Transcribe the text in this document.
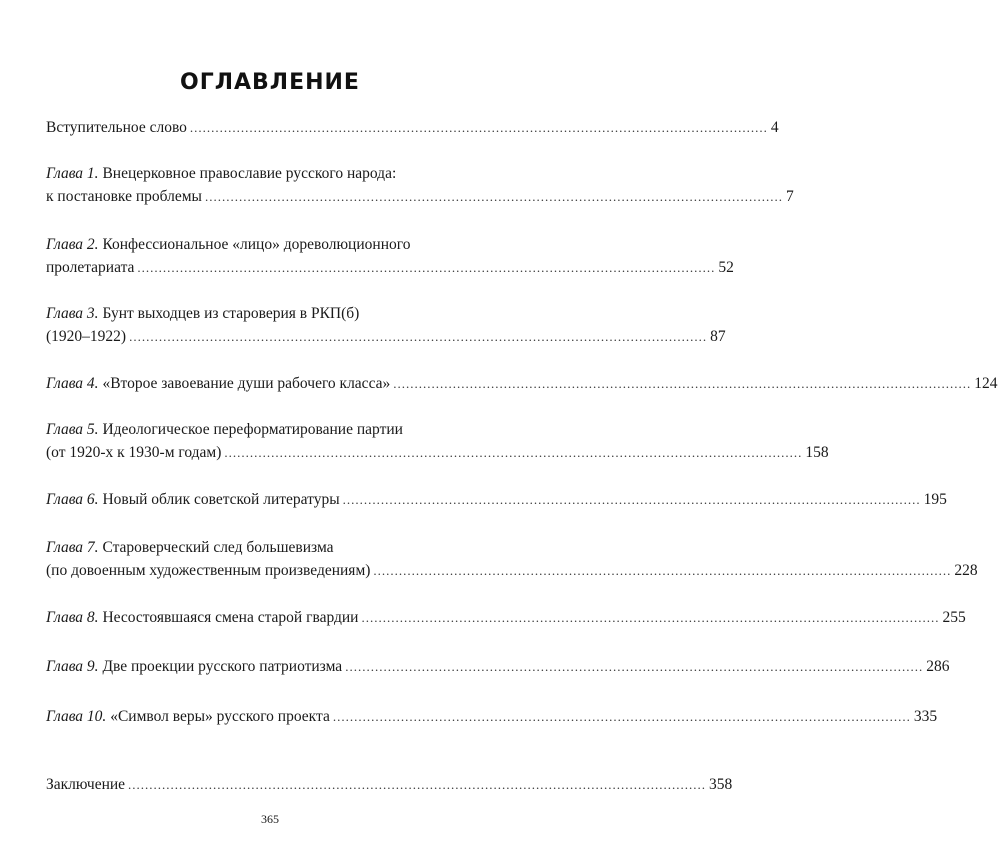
ОГЛАВЛЕНИЕ
Вступительное слово ........................................................................................................................................ 4
Глава 1. Внецерковное православие русского народа:
к постановке проблемы ........................................................................................................................................ 7
Глава 2. Конфессиональное «лицо» дореволюционного
пролетариата ........................................................................................................................................ 52
Глава 3. Бунт выходцев из староверия в РКП(б)
(1920–1922) ........................................................................................................................................ 87
Глава 4. «Второе завоевание души рабочего класса» ........................................................................................................................................ 124
Глава 5. Идеологическое переформатирование партии
(от 1920-х к 1930-м годам) ........................................................................................................................................ 158
Глава 6. Новый облик советской литературы ........................................................................................................................................ 195
Глава 7. Староверческий след большевизма
(по довоенным художественным произведениям) ........................................................................................................................................ 228
Глава 8. Несостоявшаяся смена старой гвардии ........................................................................................................................................ 255
Глава 9. Две проекции русского патриотизма ........................................................................................................................................ 286
Глава 10. «Символ веры» русского проекта ........................................................................................................................................ 335
Заключение ........................................................................................................................................ 358
365
